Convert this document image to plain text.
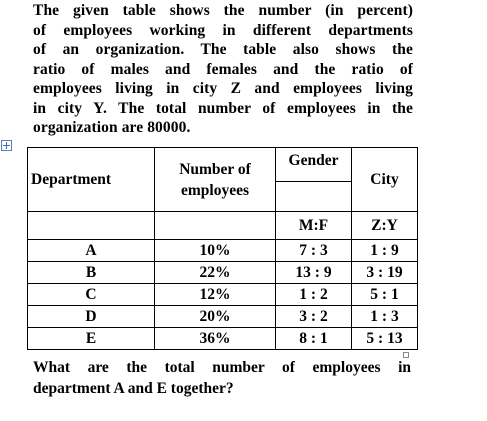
The given table shows the number (in percent)
of employees working in different departments
of an organization. The table also shows the
ratio of males and females and the ratio of
employees living in city Z and employees living
in city Y. The total number of employees in the
organization are 80000.

Department	Number of
employees	Gender	City

		M:F	Z:Y
A	10%	7 : 3	1 : 9
B	22%	13 : 9	3 : 19
C	12%	1 : 2	5 : 1
D	20%	3 : 2	1 : 3
E	36%	8 : 1	5 : 13

What are the total number of employees in
department A and E together?
